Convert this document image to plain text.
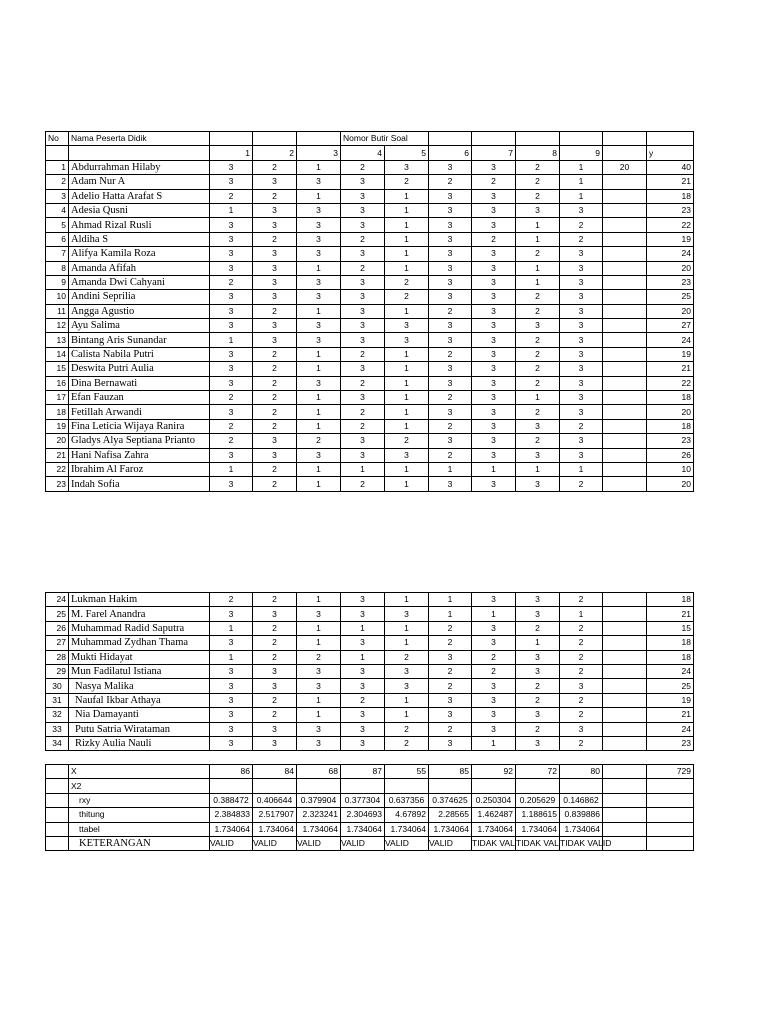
No	Nama Peserta Didik				Nomor Butir Soal							
		1	2	3	4	5	6	7	8	9		y
1	Abdurrahman Hilaby	3	2	1	2	3	3	3	2	1	20	40
2	Adam Nur A	3	3	3	3	2	2	2	2	1		21
3	Adelio Hatta Arafat S	2	2	1	3	1	3	3	2	1		18
4	Adesia Qusni	1	3	3	3	1	3	3	3	3		23
5	Ahmad Rizal Rusli	3	3	3	3	1	3	3	1	2		22
6	Aldiha S	3	2	3	2	1	3	2	1	2		19
7	Alifya Kamila Roza	3	3	3	3	1	3	3	2	3		24
8	Amanda Afifah	3	3	1	2	1	3	3	1	3		20
9	Amanda Dwi Cahyani	2	3	3	3	2	3	3	1	3		23
10	Andini Seprilia	3	3	3	3	2	3	3	2	3		25
11	Angga Agustio	3	2	1	3	1	2	3	2	3		20
12	Ayu Salima	3	3	3	3	3	3	3	3	3		27
13	Bintang Aris Sunandar	1	3	3	3	3	3	3	2	3		24
14	Calista Nabila Putri	3	2	1	2	1	2	3	2	3		19
15	Deswita Putri Aulia	3	2	1	3	1	3	3	2	3		21
16	Dina Bernawati	3	2	3	2	1	3	3	2	3		22
17	Efan Fauzan	2	2	1	3	1	2	3	1	3		18
18	Fetillah Arwandi	3	2	1	2	1	3	3	2	3		20
19	Fina Leticia Wijaya Ranira	2	2	1	2	1	2	3	3	2		18
20	Gladys Alya Septiana Prianto	2	3	2	3	2	3	3	2	3		23
21	Hani Nafisa Zahra	3	3	3	3	3	2	3	3	3		26
22	Ibrahim Al Faroz	1	2	1	1	1	1	1	1	1		10
23	Indah Sofia	3	2	1	2	1	3	3	3	2		20
24	Lukman Hakim	2	2	1	3	1	1	3	3	2		18
25	M. Farel Anandra	3	3	3	3	3	1	1	3	1		21
26	Muhammad Radid Saputra	1	2	1	1	1	2	3	2	2		15
27	Muhammad Zydhan Thama	3	2	1	3	1	2	3	1	2		18
28	Mukti Hidayat	1	2	2	1	2	3	2	3	2		18
29	Mun Fadilatul Istiana	3	3	3	3	3	2	2	3	2		24
30	Nasya Malika	3	3	3	3	3	2	3	2	3		25
31	Naufal Ikbar Athaya	3	2	1	2	1	3	3	2	2		19
32	Nia Damayanti	3	2	1	3	1	3	3	3	2		21
33	Putu Satria Wirataman	3	3	3	3	2	2	3	2	3		24
34	Rizky Aulia Nauli	3	3	3	3	2	3	1	3	2		23
	X	86	84	68	87	55	85	92	72	80		729
	X2											
	rxy	0.388472	0.406644	0.379904	0.377304	0.637356	0.374625	0.250304	0.205629	0.146862		
	thitung	2.384833	2.517907	2.323241	2.304693	4.67892	2.28565	1.462487	1.188615	0.839886		
	ttabel	1.734064	1.734064	1.734064	1.734064	1.734064	1.734064	1.734064	1.734064	1.734064		
	KETERANGAN	VALID	VALID	VALID	VALID	VALID	VALID	TIDAK VAL	TIDAK VAL	TIDAK VALID		
